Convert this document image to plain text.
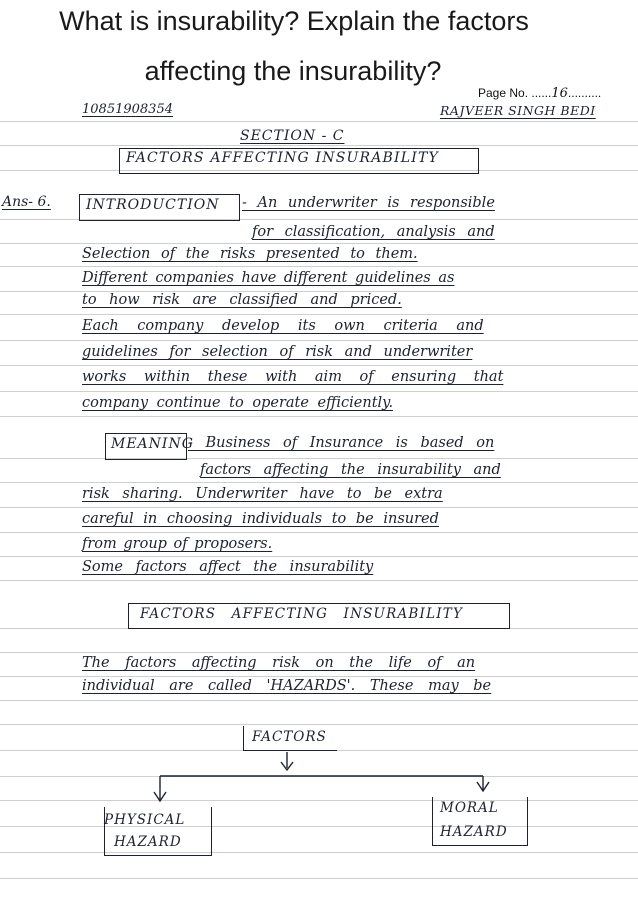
What is insurability? Explain the factors
affecting the insurability?
Page No. ......16..........
10851908354	RAJVEER SINGH BEDI
SECTION - C
FACTORS AFFECTING INSURABILITY
Ans- 6.	INTRODUCTION - An underwriter is responsible
for classification, analysis and
Selection of the risks presented to them.
Different companies have different guidelines as
to how risk are classified and priced.
Each company develop its own criteria and
guidelines for selection of risk and underwriter
works within these with aim of ensuring that
company continue to operate efficiently.
MEANING
- Business of Insurance is based on
factors affecting the insurability and
risk sharing. Underwriter have to be extra
careful in choosing individuals to be insured
from group of proposers.
Some factors affect the insurability
FACTORS AFFECTING INSURABILITY
The factors affecting risk on the life of an
individual are called 'HAZARDS'. These may be
FACTORS
PHYSICAL
HAZARD
MORAL
HAZARD
